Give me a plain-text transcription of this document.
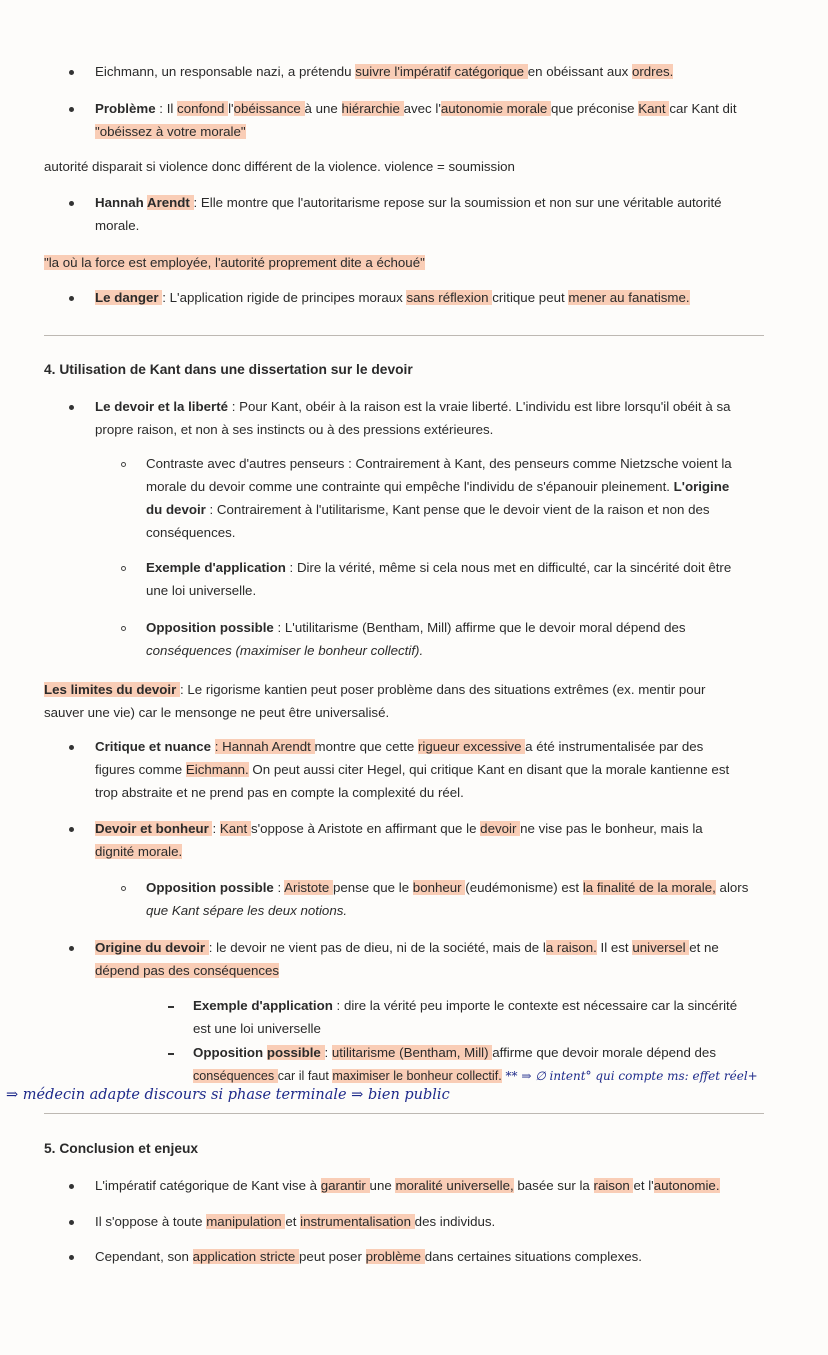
Eichmann, un responsable nazi, a prétendu suivre l'impératif catégorique en obéissant aux ordres.
Problème : Il confond l'obéissance à une hiérarchie avec l'autonomie morale que préconise Kant car Kant dit
"obéissez à votre morale"
autorité disparait si violence donc différent de la violence. violence = soumission
Hannah Arendt : Elle montre que l'autoritarisme repose sur la soumission et non sur une véritable autorité
morale.
"la où la force est employée, l'autorité proprement dite a échoué"
Le danger : L'application rigide de principes moraux sans réflexion critique peut mener au fanatisme.
4. Utilisation de Kant dans une dissertation sur le devoir
Le devoir et la liberté : Pour Kant, obéir à la raison est la vraie liberté. L'individu est libre lorsqu'il obéit à sa
propre raison, et non à ses instincts ou à des pressions extérieures.
Contraste avec d'autres penseurs : Contrairement à Kant, des penseurs comme Nietzsche voient la
morale du devoir comme une contrainte qui empêche l'individu de s'épanouir pleinement. L'origine
du devoir : Contrairement à l'utilitarisme, Kant pense que le devoir vient de la raison et non des
conséquences.
Exemple d'application : Dire la vérité, même si cela nous met en difficulté, car la sincérité doit être
une loi universelle.
Opposition possible : L'utilitarisme (Bentham, Mill) affirme que le devoir moral dépend des
conséquences (maximiser le bonheur collectif).
Les limites du devoir : Le rigorisme kantien peut poser problème dans des situations extrêmes (ex. mentir pour
sauver une vie) car le mensonge ne peut être universalisé.
Critique et nuance : Hannah Arendt montre que cette rigueur excessive a été instrumentalisée par des
figures comme Eichmann. On peut aussi citer Hegel, qui critique Kant en disant que la morale kantienne est
trop abstraite et ne prend pas en compte la complexité du réel.
Devoir et bonheur : Kant s'oppose à Aristote en affirmant que le devoir ne vise pas le bonheur, mais la
dignité morale.
Opposition possible : Aristote pense que le bonheur (eudémonisme) est la finalité de la morale, alors
que Kant sépare les deux notions.
Origine du devoir : le devoir ne vient pas de dieu, ni de la société, mais de la raison. Il est universel et ne
dépend pas des conséquences
Exemple d'application : dire la vérité peu importe le contexte est nécessaire car la sincérité
est une loi universelle
Opposition possible : utilitarisme (Bentham, Mill) affirme que devoir morale dépend des
conséquences car il faut maximiser le bonheur collectif. ** ⇒ ∅ intent° qui compte ms: effet réel+
⇒ médecin adapte discours si phase terminale ⇒ bien public
5. Conclusion et enjeux
L'impératif catégorique de Kant vise à garantir une moralité universelle, basée sur la raison et l'autonomie.
Il s'oppose à toute manipulation et instrumentalisation des individus.
Cependant, son application stricte peut poser problème dans certaines situations complexes.
